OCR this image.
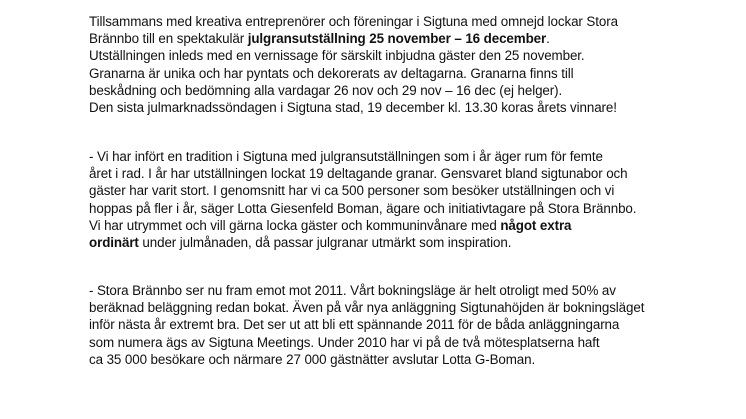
Tillsammans med kreativa entreprenörer och föreningar i Sigtuna med omnejd lockar Stora
Brännbo till en spektakulär julgransutställning 25 november – 16 december.
Utställningen inleds med en vernissage för särskilt inbjudna gäster den 25 november.
Granarna är unika och har pyntats och dekorerats av deltagarna. Granarna finns till
beskådning och bedömning alla vardagar 26 nov och 29 nov – 16 dec (ej helger).
Den sista julmarknadssöndagen i Sigtuna stad, 19 december kl. 13.30 koras årets vinnare!
- Vi har infört en tradition i Sigtuna med julgransutställningen som i år äger rum för femte
året i rad. I år har utställningen lockat 19 deltagande granar. Gensvaret bland sigtunabor och
gäster har varit stort. I genomsnitt har vi ca 500 personer som besöker utställningen och vi
hoppas på fler i år, säger Lotta Giesenfeld Boman, ägare och initiativtagare på Stora Brännbo.
Vi har utrymmet och vill gärna locka gäster och kommuninvånare med något extra
ordinärt under julmånaden, då passar julgranar utmärkt som inspiration.
- Stora Brännbo ser nu fram emot mot 2011. Vårt bokningsläge är helt otroligt med 50% av
beräknad beläggning redan bokat. Även på vår nya anläggning Sigtunahöjden är bokningsläget
inför nästa år extremt bra. Det ser ut att bli ett spännande 2011 för de båda anläggningarna
som numera ägs av Sigtuna Meetings. Under 2010 har vi på de två mötesplatserna haft
ca 35 000 besökare och närmare 27 000 gästnätter avslutar Lotta G-Boman.
